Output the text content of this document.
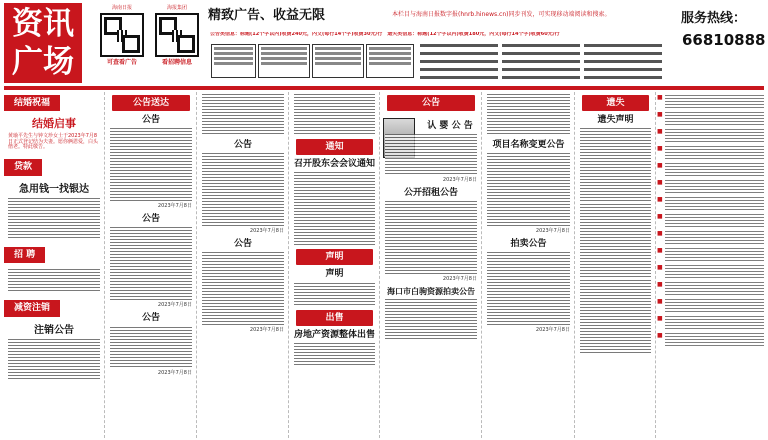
资讯
广场
海南日报
可查看广告
海报集团
看招聘信息
精致广告、收益无限	本栏目与海南日报数字报(hnrb.hinews.cn)同步刊发，可实现移动端阅读和搜索。	服务热线：
66810888
公告类信息：标题(12个字以内)收费240元，内文(每行14个字)收费30元/行　遗失类信息：标题(12个字以内)收费180元，内文(每行14个字)收费60元/行
结婚祝福
结婚启事
黄瑜平先生与钟文珍女士于2023年7月8日正式登记结为夫妻。愿你俩恩爱，白头偕老。特此敬告。
贷款
急用钱一找银达
招 聘
减资注销
注销公告
公告送达
公告
2023年7月8日
公告
2023年7月8日
公告
2023年7月8日
公告
2023年7月8日
公告
2023年7月8日
通知
召开股东会会议通知
声明
声明
出售
房地产资源整体出售
公告
认 婴 公 告
2023年7月8日
公开招租公告
2023年7月8日
海口市白驹资源拍卖公告
项目名称变更公告
2023年7月8日
拍卖公告
2023年7月8日
遗失
遗失声明
■
■
■
■
■
■
■
■
■
■
■
■
■
■
■
